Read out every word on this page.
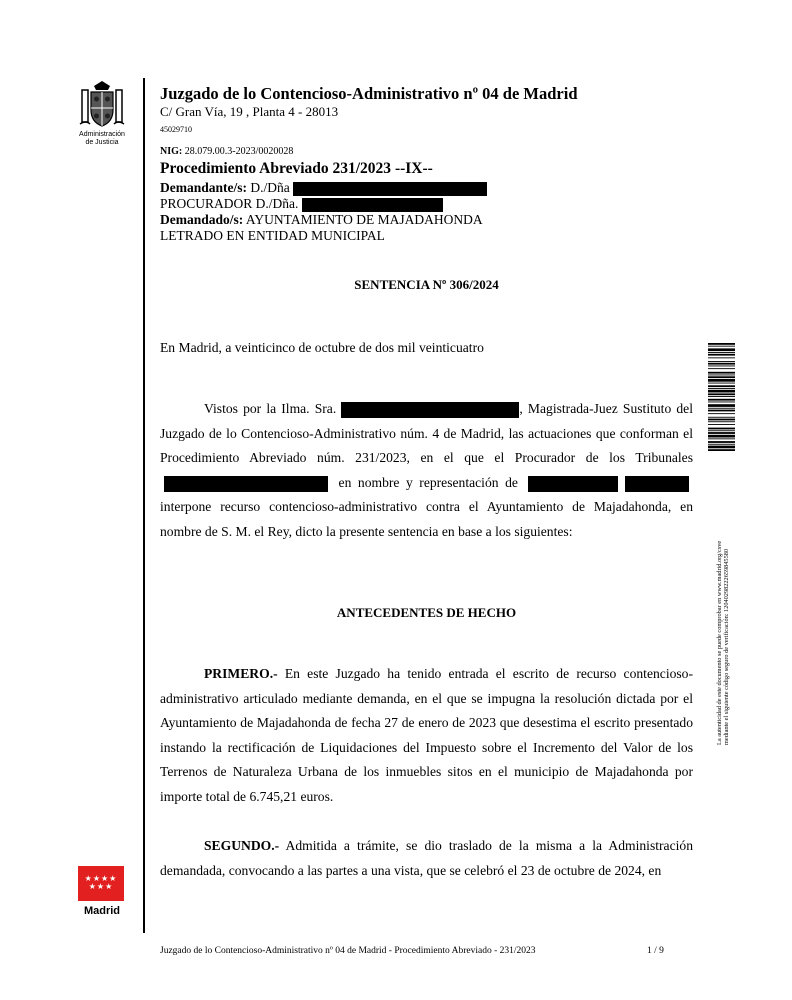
Administración
de Justicia
★★★★
★★★
Madrid
Juzgado de lo Contencioso-Administrativo nº 04 de Madrid
C/ Gran Vía, 19 , Planta 4 - 28013
45029710
NIG: 28.079.00.3-2023/0020028
Procedimiento Abreviado 231/2023 --IX--
Demandante/s: D./Dña
PROCURADOR D./Dña.
Demandado/s: AYUNTAMIENTO DE MAJADAHONDA
LETRADO EN ENTIDAD MUNICIPAL
SENTENCIA Nº 306/2024
En Madrid, a veinticinco de octubre de dos mil veinticuatro
Vistos por la Ilma. Sra.	, Magistrada-Juez Sustituto del Juzgado de lo Contencioso-Administrativo núm. 4 de Madrid, las actuaciones que conforman el Procedimiento Abreviado núm. 231/2023, en el que el Procurador de los Tribunales  en nombre y representación de   interpone recurso contencioso-administrativo contra el Ayuntamiento de Majadahonda, en nombre de S. M. el Rey, dicto la presente sentencia en base a los siguientes:
ANTECEDENTES DE HECHO
PRIMERO.- En este Juzgado ha tenido entrada el escrito de recurso contencioso-administrativo articulado mediante demanda, en el que se impugna la resolución dictada por el Ayuntamiento de Majadahonda de fecha 27 de enero de 2023 que desestima el escrito presentado instando la rectificación de Liquidaciones del Impuesto sobre el Incremento del Valor de los Terrenos de Naturaleza Urbana de los inmuebles sitos en el municipio de Majadahonda por importe total de 6.745,21 euros.
SEGUNDO.- Admitida a trámite, se dio traslado de la misma a la Administración demandada, convocando a las partes a una vista, que se celebró el 23 de octubre de 2024, en
Juzgado de lo Contencioso-Administrativo nº 04 de Madrid - Procedimiento Abreviado - 231/2023	1 / 9
La autenticidad de este documento se puede comprobar en www.madrid.org/csve mediante el siguiente código seguro de verificación: 1204029822265984558​0
